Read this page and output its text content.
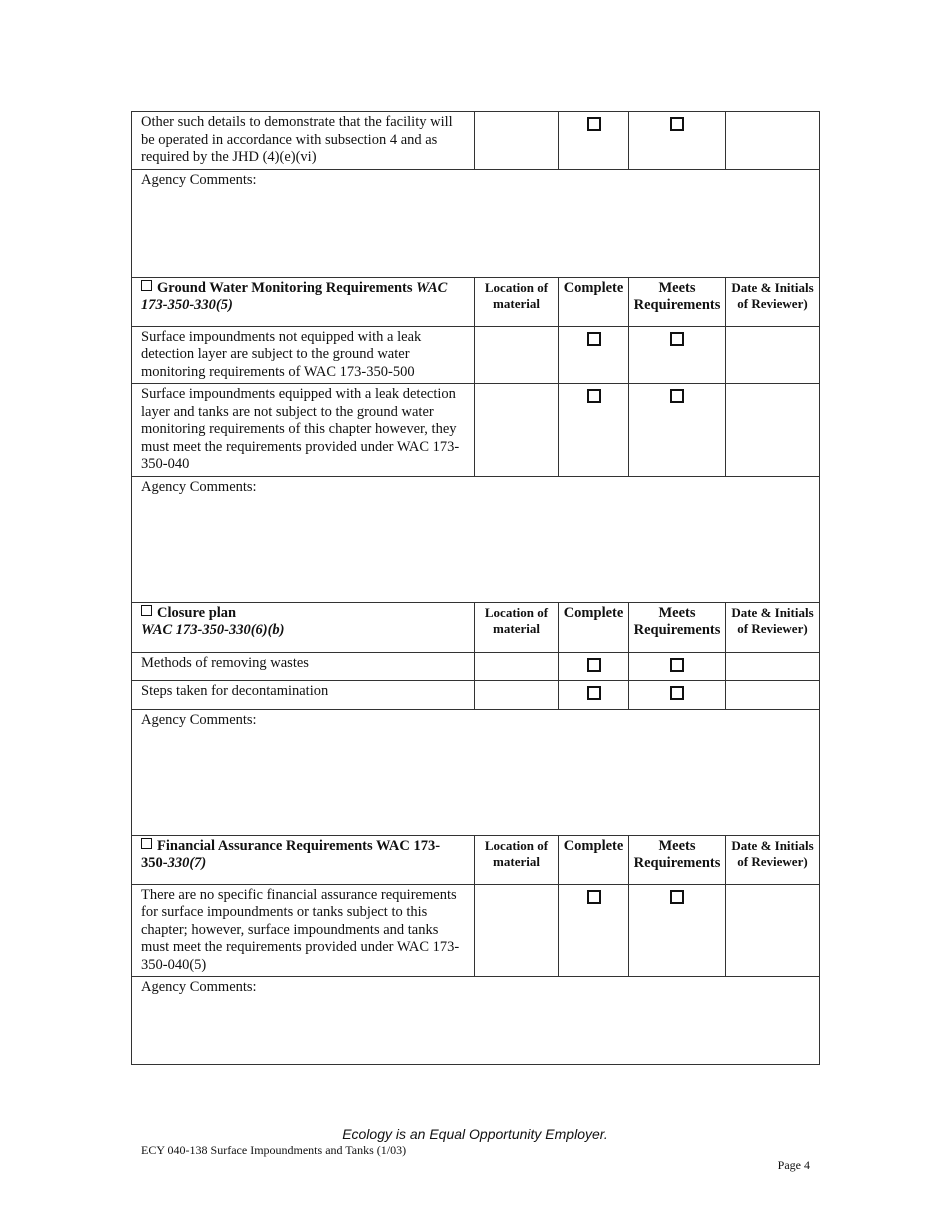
Other such details to demonstrate that the facility will be operated in accordance with subsection 4 and as required by the JHD (4)(e)(vi)				
Agency Comments:				
Ground Water Monitoring Requirements WAC 173-350-330(5)	Location of material	Complete	Meets Requirements	Date & Initials of Reviewer)
Surface impoundments not equipped with a leak detection layer are subject to the ground water monitoring requirements of WAC 173-350-500				
Surface impoundments equipped with a leak detection layer and tanks are not subject to the ground water monitoring requirements of this chapter however, they must meet the requirements provided under WAC 173-350-040				
Agency Comments:				
Closure plan
WAC 173-350-330(6)(b)	Location of material	Complete	Meets Requirements	Date & Initials of Reviewer)
Methods of removing wastes				
Steps taken for decontamination				
Agency Comments:				
Financial Assurance Requirements WAC 173-350-330(7)	Location of material	Complete	Meets Requirements	Date & Initials of Reviewer)
There are no specific financial assurance requirements for surface impoundments or tanks subject to this chapter; however, surface impoundments and tanks must meet the requirements provided under WAC 173-350-040(5)				
Agency Comments:				
Ecology is an Equal Opportunity Employer.
ECY 040-138 Surface Impoundments and Tanks (1/03)
Page 4
